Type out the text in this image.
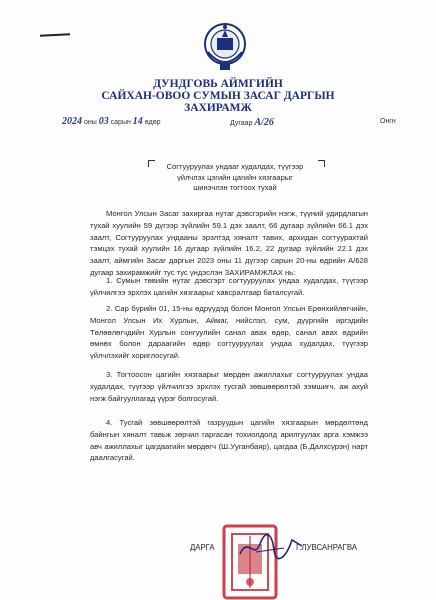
ДУНДГОВЬ АЙМГИЙН
САЙХАН-ОВОО СУМЫН ЗАСАГ ДАРГЫН
ЗАХИРАМЖ
2024 оны 03 сарын 14 өдөр	Дугаар А/26	Онгн
Согтууруулах ундааг худалдах, түүгээр
үйлчлэх цэгийн цагийн хязгаарыг
шинэчлэн тогтоох тухай
Монгол Улсын Засаг захиргаа нутаг дэвсгэрийн нэгж, түүний удирдлагын тухай хуулийн 59 дүгээр зүйлийн 59.1 дэх заалт, 66 дугаар зүйлийн 66.1 дэх заалт, Согтууруулах ундааны эрэлтэд хяналт тавих, архидан согтуурахтай тэмцэх тухай хуулийн 16 дугаар зүйлийн 16.2, 22 дугаар зүйлийн 22.1 дэх заалт, аймгийн Засаг даргын 2023 оны 11 дүгээр сарын 20-ны өдрийн А/628 дугаар захирамжийг тус тус үндэслэн ЗАХИРАМЖЛАХ нь:
1. Сумын төвийн нутаг дэвсгэрт согтууруулах ундаа худалдах, түүгээр үйлчилгээ эрхлэх цагийн хязгаарыг хавсралтаар баталсугай.
2. Сар бүрийн 01, 15-ны өдрүүдэд болон Монгол Улсын Ерөнхийлөгчийн, Монгол Улсын Их Хурлын, Аймаг, нийслэл, сум, дүүргийн иргэдийн Төлөөлөгчдийн Хурлын сонгуулийн санал авах өдөр, санал авах өдрийн өмнөх болон дараагийн өдөр согтууруулах ундаа худалдах, түүгээр үйлчлэхийг хориглосугай.
3. Тогтоосон цагийн хязгаарыг мөрдөн ажиллахыг согтууруулах ундаа худалдах, түүгээр үйлчилгээ эрхлэх тусгай зөвшөөрөлтэй ээмшигч, аж ахуй нэгж байгууллагад үүрэг болгосугай.
4. Тусгай зөвшөөрөлтэй газруудын цагийн хязгаарын мөрдөлтөнд байнгын хяналт тавьж зөрчил гаргасан тохиолдолд арилгуулах арга хэмжээ авч ажиллахыг цагдаагийн мөрдөгч (Ш.Ууганбаяр), цагдаа (Б.Далхсүрэн) нарт даалгасугай.
ДАРГА	Г.ЛУВСАНРАГВА
